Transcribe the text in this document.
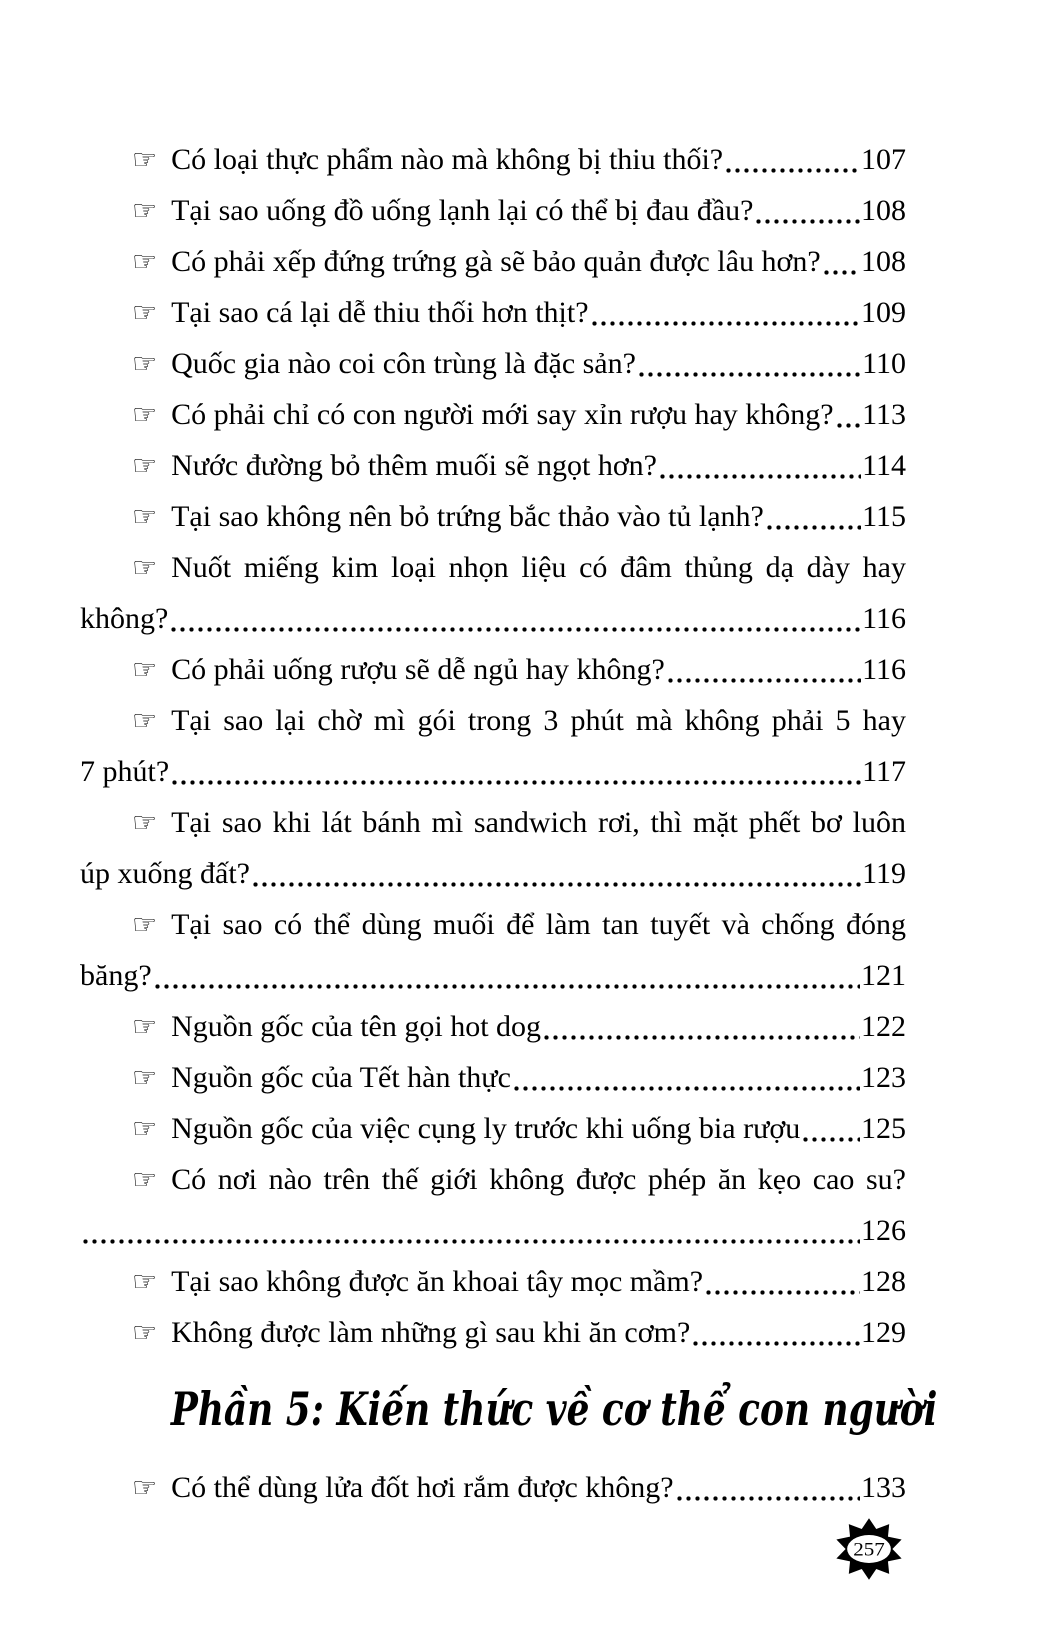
☞ Có loại thực phẩm nào mà không bị thiu thối?	107
☞ Tại sao uống đồ uống lạnh lại có thể bị đau đầu?	108
☞ Có phải xếp đứng trứng gà sẽ bảo quản được lâu hơn? 108
☞ Tại sao cá lại dễ thiu thối hơn thịt?	109
☞ Quốc gia nào coi côn trùng là đặc sản?	110
☞ Có phải chỉ có con người mới say xỉn rượu hay không? 113
☞ Nước đường bỏ thêm muối sẽ ngọt hơn?	114
☞ Tại sao không nên bỏ trứng bắc thảo vào tủ lạnh?	115
☞ Nuốt miếng kim loại nhọn liệu có đâm thủng dạ dày hay
không?	116
☞ Có phải uống rượu sẽ dễ ngủ hay không?	116
☞ Tại sao lại chờ mì gói trong 3 phút mà không phải 5 hay
7 phút?	117
☞ Tại sao khi lát bánh mì sandwich rơi, thì mặt phết bơ luôn
úp xuống đất?	119
☞ Tại sao có thể dùng muối để làm tan tuyết và chống đóng
băng?	121
☞ Nguồn gốc của tên gọi hot dog	122
☞ Nguồn gốc của Tết hàn thực	123
☞ Nguồn gốc của việc cụng ly trước khi uống bia rượu 125
☞ Có nơi nào trên thế giới không được phép ăn kẹo cao su?
126
☞ Tại sao không được ăn khoai tây mọc mầm?	128
☞ Không được làm những gì sau khi ăn cơm?	129
Phần 5: Kiến thức về cơ thể con người
☞ Có thể dùng lửa đốt hơi rắm được không?	133
257
